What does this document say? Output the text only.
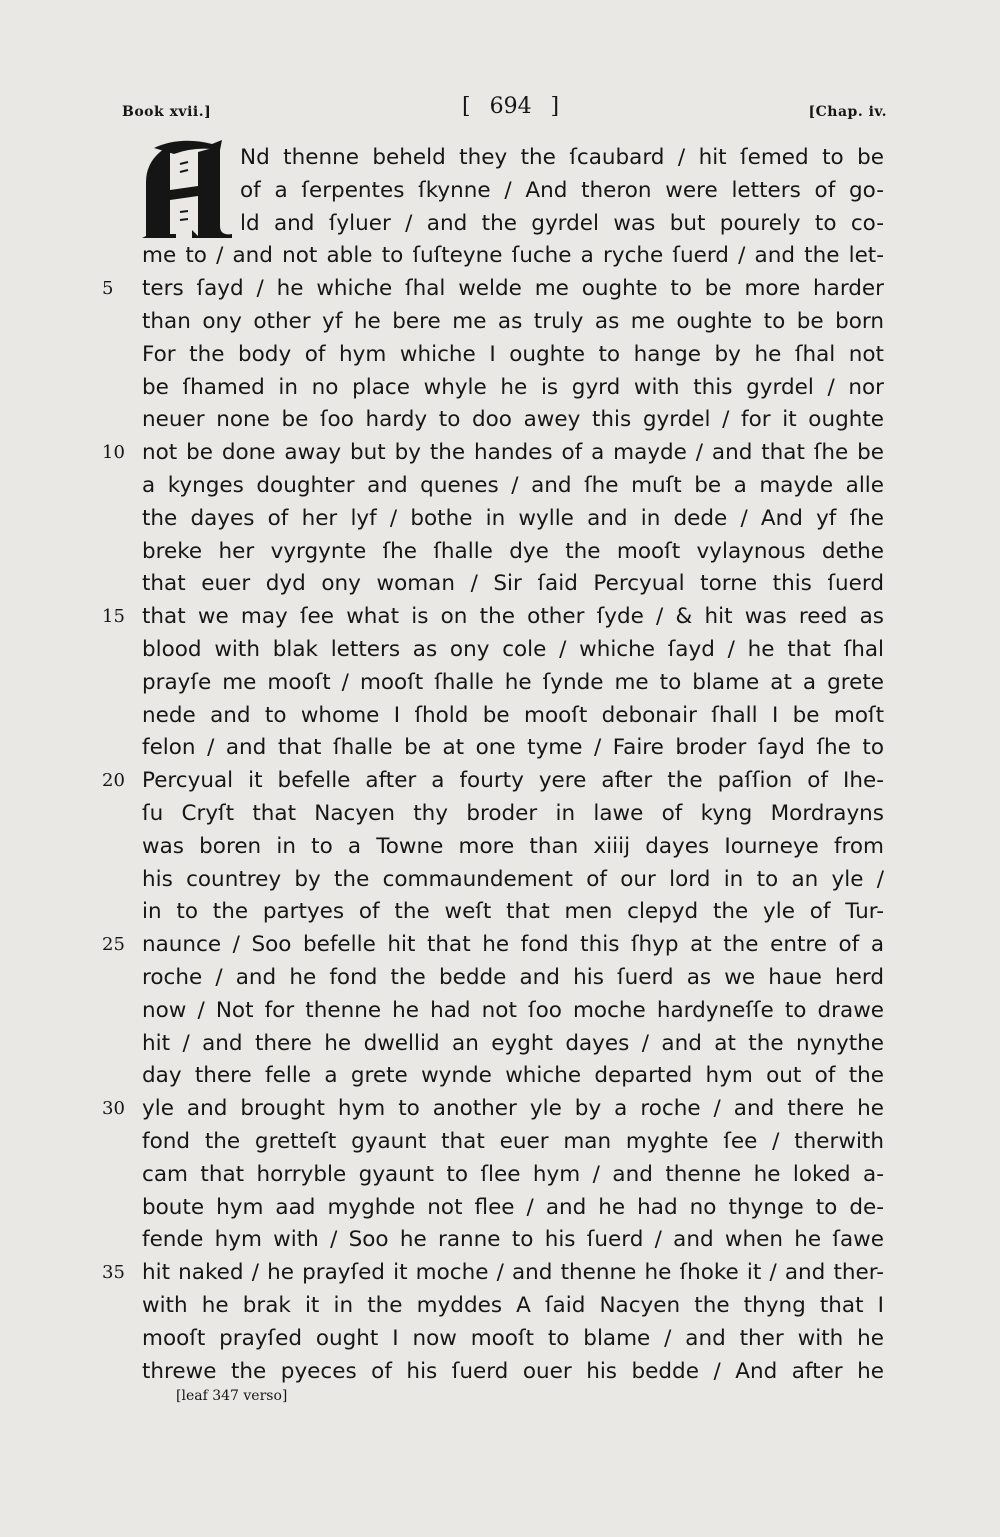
Book xvii.]	[ 694 ]	[Chap. iv.
Nd thenne beheld they the ſcaubard / hit ſemed to be
of a ſerpentes ſkynne / And theron were letters of go-
ld and ſyluer / and the gyrdel was but pourely to co-
me to / and not able to ſuſteyne ſuche a ryche ſuerd / and the let-
5	ters ſayd / he whiche ſhal welde me oughte to be more harder
than ony other yf he bere me as truly as me oughte to be born
For the body of hym whiche I oughte to hange by he ſhal not
be ſhamed in no place whyle he is gyrd with this gyrdel / nor
neuer none be ſoo hardy to doo awey this gyrdel / for it oughte
10 not be done away but by the handes of a mayde / and that ſhe be
a kynges doughter and quenes / and ſhe muſt be a mayde alle
the dayes of her lyf / bothe in wylle and in dede / And yf ſhe
breke her vyrgynte ſhe ſhalle dye the mooſt vylaynous dethe
that euer dyd ony woman / Sir ſaid Percyual torne this ſuerd
15 that we may ſee what is on the other ſyde / & hit was reed as
blood with blak letters as ony cole / whiche ſayd / he that ſhal
prayſe me mooſt / mooſt ſhalle he ſynde me to blame at a grete
nede and to whome I ſhold be mooſt debonair ſhall I be moſt
felon / and that ſhalle be at one tyme / Faire broder ſayd ſhe to
20 Percyual it befelle after a fourty yere after the paſſion of Ihe-
ſu Cryſt that Nacyen thy broder in lawe of kyng Mordrayns
was boren in to a Towne more than xiiij dayes Iourneye from
his countrey by the commaundement of our lord in to an yle /
in to the partyes of the weſt that men clepyd the yle of Tur-
25 naunce / Soo befelle hit that he fond this ſhyp at the entre of a
roche / and he fond the bedde and his ſuerd as we haue herd
now / Not for thenne he had not ſoo moche hardyneſſe to drawe
hit / and there he dwellid an eyght dayes / and at the nynythe
day there felle a grete wynde whiche departed hym out of the
30 yle and brought hym to another yle by a roche / and there he
fond the gretteſt gyaunt that euer man myghte ſee / therwith
cam that horryble gyaunt to ſlee hym / and thenne he loked a-
boute hym aad myghde not flee / and he had no thynge to de-
fende hym with / Soo he ranne to his ſuerd / and when he ſawe
35 hit naked / he prayſed it moche / and thenne he ſhoke it / and ther-
with he brak it in the myddes A ſaid Nacyen the thyng that I
mooſt prayſed ought I now mooſt to blame / and ther with he
threwe the pyeces of his ſuerd ouer his bedde / And after he
[leaf 347 verso]
